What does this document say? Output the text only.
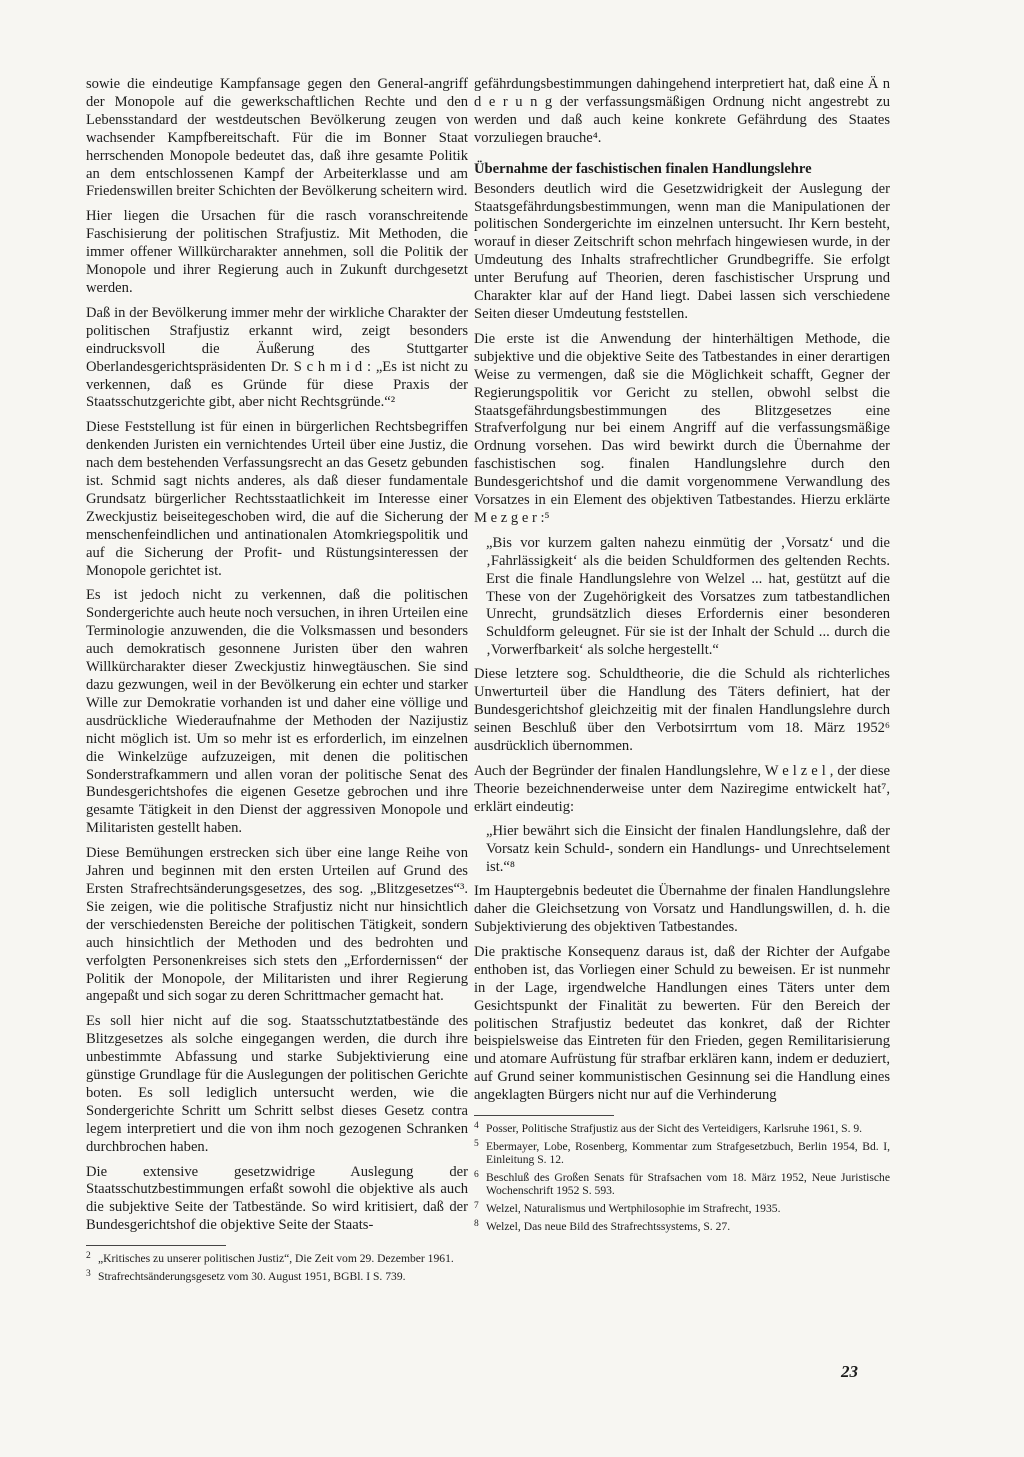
sowie die eindeutige Kampfansage gegen den General-angriff der Monopole auf die gewerkschaftlichen Rechte und den Lebensstandard der westdeutschen Bevölkerung zeugen von wachsender Kampfbereitschaft. Für die im Bonner Staat herrschenden Monopole bedeutet das, daß ihre gesamte Politik an dem entschlossenen Kampf der Arbeiterklasse und am Friedenswillen breiter Schichten der Bevölkerung scheitern wird.

Hier liegen die Ursachen für die rasch voranschreitende Faschisierung der politischen Strafjustiz. Mit Methoden, die immer offener Willkürcharakter annehmen, soll die Politik der Monopole und ihrer Regierung auch in Zukunft durchgesetzt werden.

Daß in der Bevölkerung immer mehr der wirkliche Charakter der politischen Strafjustiz erkannt wird, zeigt besonders eindrucksvoll die Äußerung des Stuttgarter Oberlandesgerichtspräsidenten Dr. S c h m i d : „Es ist nicht zu verkennen, daß es Gründe für diese Praxis der Staatsschutzgerichte gibt, aber nicht Rechtsgründe.“²

Diese Feststellung ist für einen in bürgerlichen Rechtsbegriffen denkenden Juristen ein vernichtendes Urteil über eine Justiz, die nach dem bestehenden Verfassungsrecht an das Gesetz gebunden ist. Schmid sagt nichts anderes, als daß dieser fundamentale Grundsatz bürgerlicher Rechtsstaatlichkeit im Interesse einer Zweckjustiz beiseitegeschoben wird, die auf die Sicherung der menschenfeindlichen und antinationalen Atomkriegspolitik und auf die Sicherung der Profit- und Rüstungsinteressen der Monopole gerichtet ist.

Es ist jedoch nicht zu verkennen, daß die politischen Sondergerichte auch heute noch versuchen, in ihren Urteilen eine Terminologie anzuwenden, die die Volksmassen und besonders auch demokratisch gesonnene Juristen über den wahren Willkürcharakter dieser Zweckjustiz hinwegtäuschen. Sie sind dazu gezwungen, weil in der Bevölkerung ein echter und starker Wille zur Demokratie vorhanden ist und daher eine völlige und ausdrückliche Wiederaufnahme der Methoden der Nazijustiz nicht möglich ist. Um so mehr ist es erforderlich, im einzelnen die Winkelzüge aufzuzeigen, mit denen die politischen Sonderstrafkammern und allen voran der politische Senat des Bundesgerichtshofes die eigenen Gesetze gebrochen und ihre gesamte Tätigkeit in den Dienst der aggressiven Monopole und Militaristen gestellt haben.

Diese Bemühungen erstrecken sich über eine lange Reihe von Jahren und beginnen mit den ersten Urteilen auf Grund des Ersten Strafrechtsänderungsgesetzes, des sog. „Blitzgesetzes“³. Sie zeigen, wie die politische Strafjustiz nicht nur hinsichtlich der verschiedensten Bereiche der politischen Tätigkeit, sondern auch hinsichtlich der Methoden und des bedrohten und verfolgten Personenkreises sich stets den „Erfordernissen“ der Politik der Monopole, der Militaristen und ihrer Regierung angepaßt und sich sogar zu deren Schrittmacher gemacht hat.

Es soll hier nicht auf die sog. Staatsschutztatbestände des Blitzgesetzes als solche eingegangen werden, die durch ihre unbestimmte Abfassung und starke Subjektivierung eine günstige Grundlage für die Auslegungen der politischen Gerichte boten. Es soll lediglich untersucht werden, wie die Sondergerichte Schritt um Schritt selbst dieses Gesetz contra legem interpretiert und die von ihm noch gezogenen Schranken durchbrochen haben.

Die extensive gesetzwidrige Auslegung der Staatsschutzbestimmungen erfaßt sowohl die objektive als auch die subjektive Seite der Tatbestände. So wird kritisiert, daß der Bundesgerichtshof die objektive Seite der Staats-

2 „Kritisches zu unserer politischen Justiz“, Die Zeit vom 29. Dezember 1961.

3 Strafrechtsänderungsgesetz vom 30. August 1951, BGBl. I S. 739.

gefährdungsbestimmungen dahingehend interpretiert hat, daß eine Ä n d e r u n g der verfassungsmäßigen Ordnung nicht angestrebt zu werden und daß auch keine konkrete Gefährdung des Staates vorzuliegen brauche⁴.

Übernahme der faschistischen finalen Handlungslehre

Besonders deutlich wird die Gesetzwidrigkeit der Auslegung der Staatsgefährdungsbestimmungen, wenn man die Manipulationen der politischen Sondergerichte im einzelnen untersucht. Ihr Kern besteht, worauf in dieser Zeitschrift schon mehrfach hingewiesen wurde, in der Umdeutung des Inhalts strafrechtlicher Grundbegriffe. Sie erfolgt unter Berufung auf Theorien, deren faschistischer Ursprung und Charakter klar auf der Hand liegt. Dabei lassen sich verschiedene Seiten dieser Umdeutung feststellen.

Die erste ist die Anwendung der hinterhältigen Methode, die subjektive und die objektive Seite des Tatbestandes in einer derartigen Weise zu vermengen, daß sie die Möglichkeit schafft, Gegner der Regierungspolitik vor Gericht zu stellen, obwohl selbst die Staatsgefährdungsbestimmungen des Blitzgesetzes eine Strafverfolgung nur bei einem Angriff auf die verfassungsmäßige Ordnung vorsehen. Das wird bewirkt durch die Übernahme der faschistischen sog. finalen Handlungslehre durch den Bundesgerichtshof und die damit vorgenommene Verwandlung des Vorsatzes in ein Element des objektiven Tatbestandes. Hierzu erklärte M e z g e r :⁵

„Bis vor kurzem galten nahezu einmütig der ‚Vorsatz‘ und die ‚Fahrlässigkeit‘ als die beiden Schuldformen des geltenden Rechts. Erst die finale Handlungslehre von Welzel ... hat, gestützt auf die These von der Zugehörigkeit des Vorsatzes zum tatbestandlichen Unrecht, grundsätzlich dieses Erfordernis einer besonderen Schuldform geleugnet. Für sie ist der Inhalt der Schuld ... durch die ‚Vorwerfbarkeit‘ als solche hergestellt.“

Diese letztere sog. Schuldtheorie, die die Schuld als richterliches Unwerturteil über die Handlung des Täters definiert, hat der Bundesgerichtshof gleichzeitig mit der finalen Handlungslehre durch seinen Beschluß über den Verbotsirrtum vom 18. März 1952⁶ ausdrücklich übernommen.

Auch der Begründer der finalen Handlungslehre, W e l z e l , der diese Theorie bezeichnenderweise unter dem Naziregime entwickelt hat⁷, erklärt eindeutig:

„Hier bewährt sich die Einsicht der finalen Handlungslehre, daß der Vorsatz kein Schuld-, sondern ein Handlungs- und Unrechtselement ist.“⁸

Im Hauptergebnis bedeutet die Übernahme der finalen Handlungslehre daher die Gleichsetzung von Vorsatz und Handlungswillen, d. h. die Subjektivierung des objektiven Tatbestandes.

Die praktische Konsequenz daraus ist, daß der Richter der Aufgabe enthoben ist, das Vorliegen einer Schuld zu beweisen. Er ist nunmehr in der Lage, irgendwelche Handlungen eines Täters unter dem Gesichtspunkt der Finalität zu bewerten. Für den Bereich der politischen Strafjustiz bedeutet das konkret, daß der Richter beispielsweise das Eintreten für den Frieden, gegen Remilitarisierung und atomare Aufrüstung für strafbar erklären kann, indem er deduziert, auf Grund seiner kommunistischen Gesinnung sei die Handlung eines angeklagten Bürgers nicht nur auf die Verhinderung

4 Posser, Politische Strafjustiz aus der Sicht des Verteidigers, Karlsruhe 1961, S. 9.

5 Ebermayer, Lobe, Rosenberg, Kommentar zum Strafgesetzbuch, Berlin 1954, Bd. I, Einleitung S. 12.

6 Beschluß des Großen Senats für Strafsachen vom 18. März 1952, Neue Juristische Wochenschrift 1952 S. 593.

7 Welzel, Naturalismus und Wertphilosophie im Strafrecht, 1935.

8 Welzel, Das neue Bild des Strafrechtssystems, S. 27.

23
